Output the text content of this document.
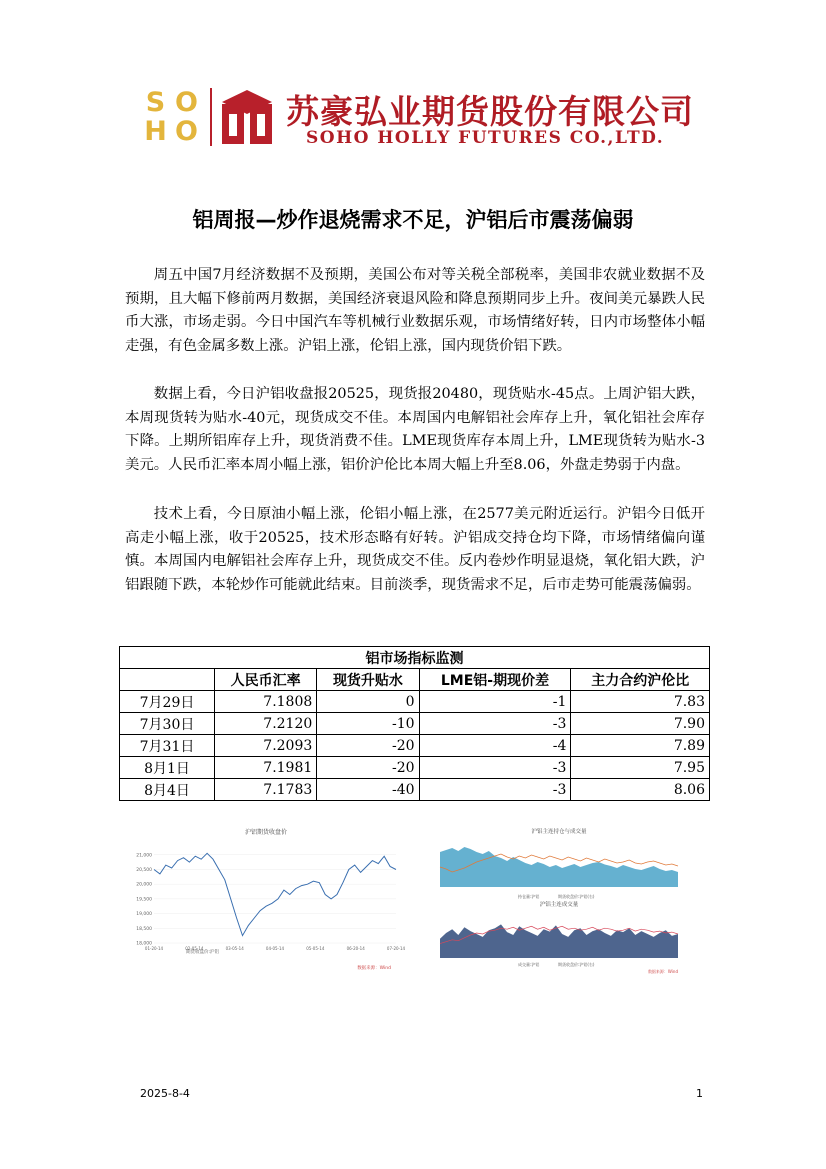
S O
H O
苏豪弘业期货股份有限公司
SOHO HOLLY FUTURES CO.,LTD.
铝周报—炒作退烧需求不足，沪铝后市震荡偏弱

周五中国7月经济数据不及预期，美国公布对等关税全部税率，美国非农就业数据不及预期，且大幅下修前两月数据，美国经济衰退风险和降息预期同步上升。夜间美元暴跌人民币大涨，市场走弱。今日中国汽车等机械行业数据乐观，市场情绪好转，日内市场整体小幅走强，有色金属多数上涨。沪铝上涨，伦铝上涨，国内现货价铝下跌。

数据上看，今日沪铝收盘报20525，现货报20480，现货贴水-45点。上周沪铝大跌，本周现货转为贴水-40元，现货成交不佳。本周国内电解铝社会库存上升，氧化铝社会库存下降。上期所铝库存上升，现货消费不佳。LME现货库存本周上升，LME现货转为贴水-3美元。人民币汇率本周小幅上涨，铝价沪伦比本周大幅上升至8.06，外盘走势弱于内盘。

技术上看，今日原油小幅上涨，伦铝小幅上涨，在2577美元附近运行。沪铝今日低开高走小幅上涨，收于20525，技术形态略有好转。沪铝成交持仓均下降，市场情绪偏向谨慎。本周国内电解铝社会库存上升，现货成交不佳。反内卷炒作明显退烧，氧化铝大跌，沪铝跟随下跌，本轮炒作可能就此结束。目前淡季，现货需求不足，后市走势可能震荡偏弱。

铝市场指标监测				
	人民币汇率	现货升贴水	LME铝-期现价差	主力合约沪伦比
7月29日	7.1808	0	-1	7.83
7月30日	7.2120	-10	-3	7.90
7月31日	7.2093	-20	-4	7.89
8月1日	7.1981	-20	-3	7.95
8月4日	7.1783	-40	-3	8.06
沪铝期货收盘价
21,000
20,500
20,000
19,500
19,000
18,500
18,000
01-20-14	02-05-14	03-05-14	04-05-14	05-05-14	06-20-14	07-20-14
期货收盘价:沪铝
数据来源：Wind
沪铝主连持仓与成交量
持仓量:沪铝	期货收盘价:沪铝(右)
沪铝主连成交量
成交量:沪铝	期货收盘价:沪铝(右)
数据来源：Wind
2025-8-4	1
